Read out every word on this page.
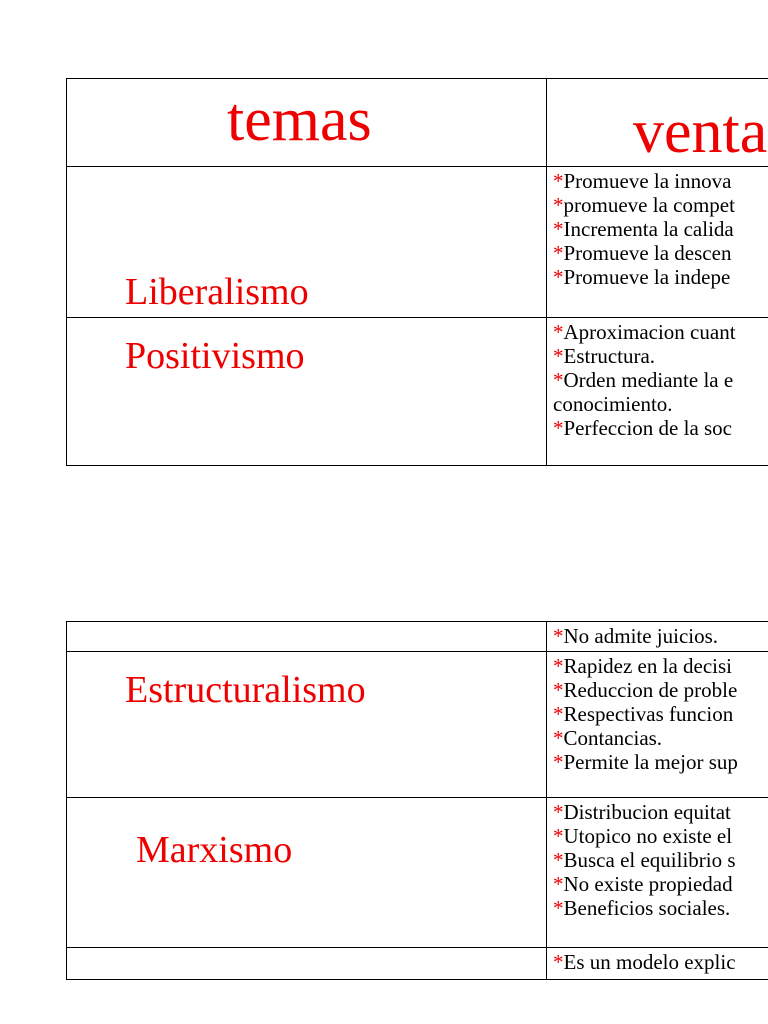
temas	venta

Liberalismo	*Promueve la innova
*promueve la compet
*Incrementa la calida
*Promueve la descen
*Promueve la indepe

Positivismo	*Aproximacion cuant
*Estructura.
*Orden mediante la e
conocimiento.
*Perfeccion de la soc

	*No admite juicios.

Estructuralismo	*Rapidez en la decisi
*Reduccion de proble
*Respectivas funcion
*Contancias.
*Permite la mejor sup

Marxismo	*Distribucion equitat
*Utopico no existe el
*Busca el equilibrio s
*No existe propiedad
*Beneficios sociales.

	*Es un modelo explic
